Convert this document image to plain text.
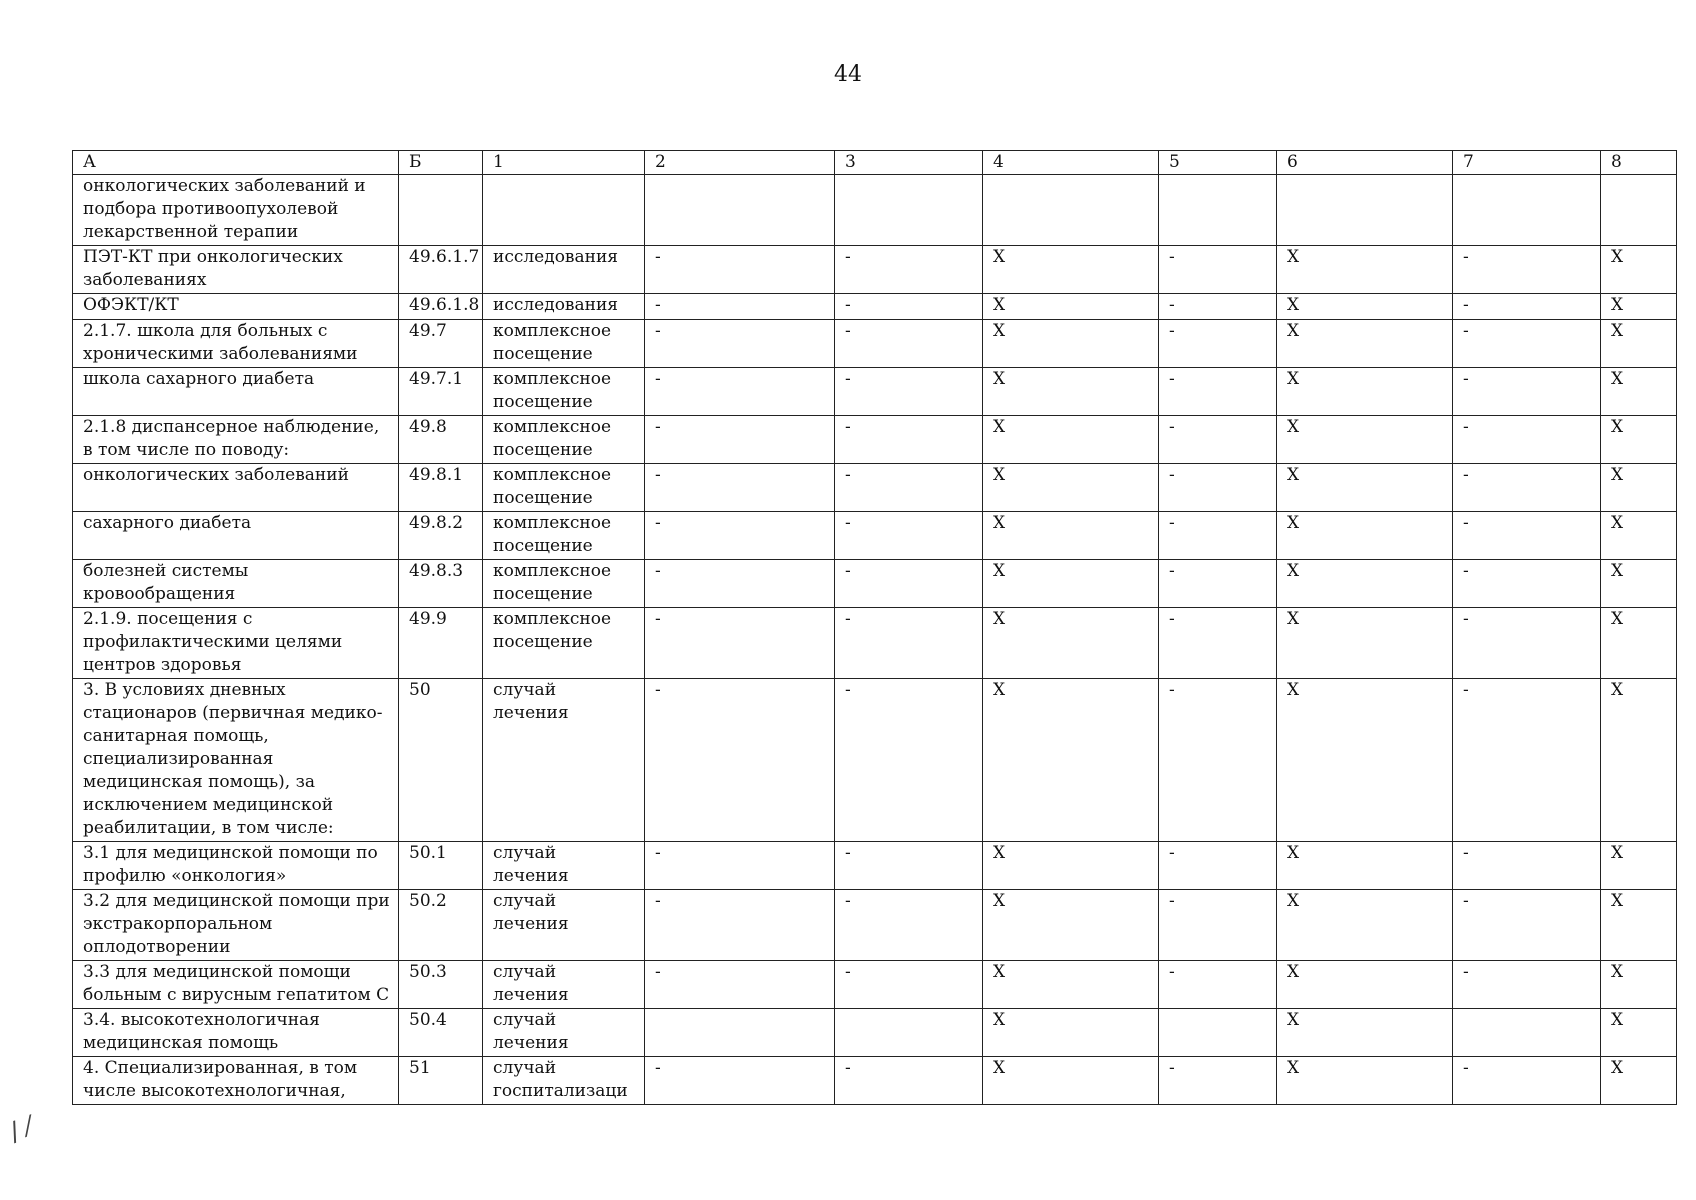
44
А	Б	1	2	3	4	5	6	7	8
онкологических заболеваний и подбора противоопухолевой лекарственной терапии									
ПЭТ-КТ при онкологических заболеваниях	49.6.1.7	исследования	-	-	Х	-	Х	-	Х
ОФЭКТ/КТ	49.6.1.8	исследования	-	-	Х	-	Х	-	Х
2.1.7. школа для больных с хроническими заболеваниями	49.7	комплексное посещение	-	-	Х	-	Х	-	Х
школа сахарного диабета	49.7.1	комплексное посещение	-	-	Х	-	Х	-	Х
2.1.8 диспансерное наблюдение, в том числе по поводу:	49.8	комплексное посещение	-	-	Х	-	Х	-	Х
онкологических заболеваний	49.8.1	комплексное посещение	-	-	Х	-	Х	-	Х
сахарного диабета	49.8.2	комплексное посещение	-	-	Х	-	Х	-	Х
болезней системы кровообращения	49.8.3	комплексное посещение	-	-	Х	-	Х	-	Х
2.1.9. посещения с профилактическими целями центров здоровья	49.9	комплексное посещение	-	-	Х	-	Х	-	Х
3. В условиях дневных стационаров (первичная медико-санитарная помощь, специализированная медицинская помощь), за исключением медицинской реабилитации, в том числе:	50	случай лечения	-	-	Х	-	Х	-	Х
3.1 для медицинской помощи по профилю «онкология»	50.1	случай лечения	-	-	Х	-	Х	-	Х
3.2 для медицинской помощи при экстракорпоральном оплодотворении	50.2	случай лечения	-	-	Х	-	Х	-	Х
3.3 для медицинской помощи больным с вирусным гепатитом С	50.3	случай лечения	-	-	Х	-	Х	-	Х
3.4. высокотехнологичная медицинская помощь	50.4	случай лечения			Х		Х		Х
4. Специализированная, в том числе высокотехнологичная,	51	случай госпитализаци	-	-	Х	-	Х	-	Х
/ ⁄
